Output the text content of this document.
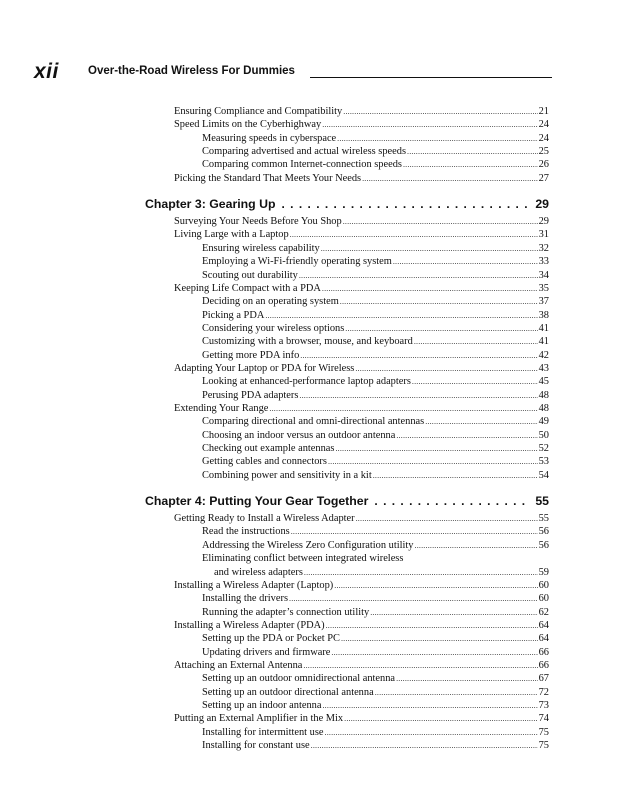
xii	Over-the-Road Wireless For Dummies
Ensuring Compliance and Compatibility .....	21
Speed Limits on the Cyberhighway .....	24
Measuring speeds in cyberspace .....	24
Comparing advertised and actual wireless speeds .....	25
Comparing common Internet-connection speeds .....	26
Picking the Standard That Meets Your Needs .....	27
Chapter 3: Gearing Up . . .	29
Surveying Your Needs Before You Shop .....	29
Living Large with a Laptop .....	31
Ensuring wireless capability .....	32
Employing a Wi-Fi-friendly operating system .....	33
Scouting out durability .....	34
Keeping Life Compact with a PDA .....	35
Deciding on an operating system .....	37
Picking a PDA .....	38
Considering your wireless options .....	41
Customizing with a browser, mouse, and keyboard .....	41
Getting more PDA info .....	42
Adapting Your Laptop or PDA for Wireless .....	43
Looking at enhanced-performance laptop adapters .....	45
Perusing PDA adapters .....	48
Extending Your Range .....	48
Comparing directional and omni-directional antennas .....	49
Choosing an indoor versus an outdoor antenna .....	50
Checking out example antennas .....	52
Getting cables and connectors .....	53
Combining power and sensitivity in a kit .....	54
Chapter 4: Putting Your Gear Together . . .	55
Getting Ready to Install a Wireless Adapter .....	55
Read the instructions .....	56
Addressing the Wireless Zero Configuration utility .....	56
Eliminating conflict between integrated wireless
and wireless adapters .....	59
Installing a Wireless Adapter (Laptop) .....	60
Installing the drivers .....	60
Running the adapter’s connection utility .....	62
Installing a Wireless Adapter (PDA) .....	64
Setting up the PDA or Pocket PC .....	64
Updating drivers and firmware .....	66
Attaching an External Antenna .....	66
Setting up an outdoor omnidirectional antenna .....	67
Setting up an outdoor directional antenna .....	72
Setting up an indoor antenna .....	73
Putting an External Amplifier in the Mix .....	74
Installing for intermittent use .....	75
Installing for constant use .....	75
